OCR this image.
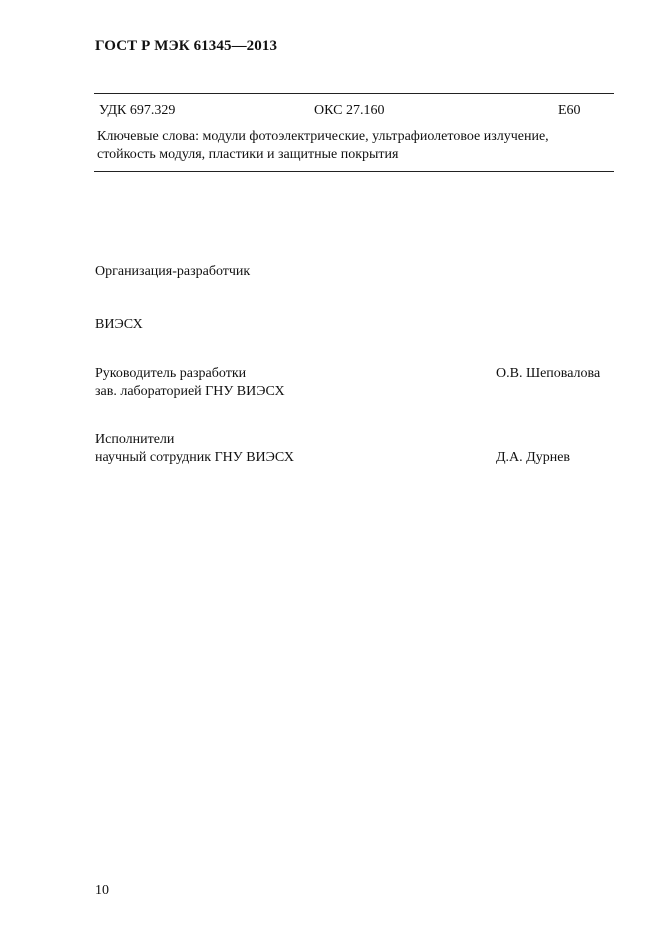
ГОСТ Р МЭК 61345—2013
УДК 697.329	ОКС 27.160	Е60
Ключевые слова: модули фотоэлектрические, ультрафиолетовое излучение,
стойкость модуля, пластики и защитные покрытия
Организация-разработчик
ВИЭСХ
Руководитель разработки
зав. лабораторией ГНУ ВИЭСХ
О.В. Шеповалова
Исполнители
научный сотрудник ГНУ ВИЭСХ	Д.А. Дурнев
10
